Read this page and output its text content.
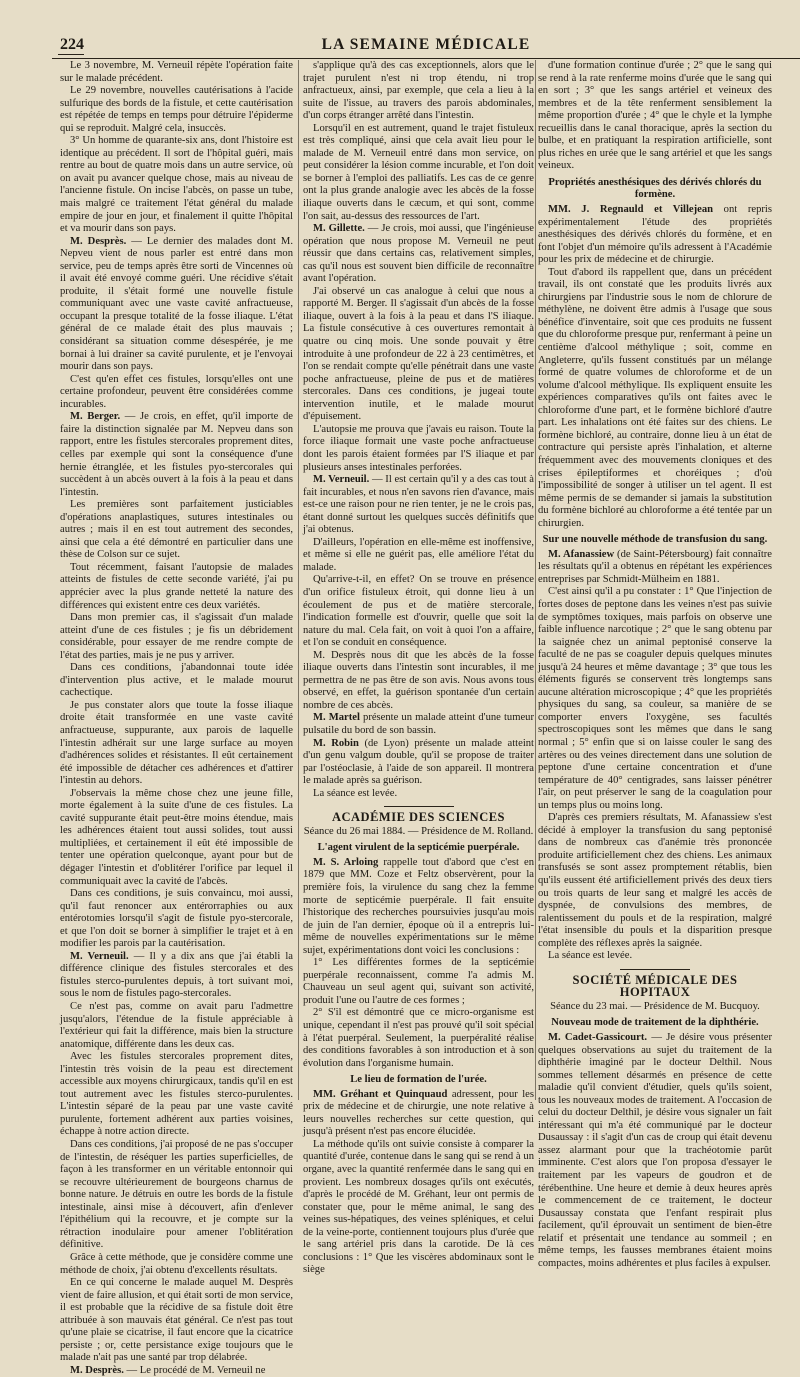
224	LA SEMAINE MÉDICALE

Le 3 novembre, M. Verneuil répète l'opération faite sur le malade précédent.

Le 29 novembre, nouvelles cautérisations à l'acide sulfurique des bords de la fistule, et cette cautérisation est répétée de temps en temps pour détruire l'épiderme qui se reproduit. Malgré cela, insuccès.

3° Un homme de quarante-six ans, dont l'histoire est identique au précédent. Il sort de l'hôpital guéri, mais rentre au bout de quatre mois dans un autre service, où on avait pu avancer quelque chose, mais au niveau de l'ancienne fistule. On incise l'abcès, on passe un tube, mais malgré ce traitement l'état général du malade empire de jour en jour, et finalement il quitte l'hôpital et va mourir dans son pays.

M. Desprès. — Le dernier des malades dont M. Nepveu vient de nous parler est entré dans mon service, peu de temps après être sorti de Vincennes où il avait été envoyé comme guéri. Une récidive s'était produite, il s'était formé une nouvelle fistule communiquant avec une vaste cavité anfractueuse, occupant la presque totalité de la fosse iliaque. L'état général de ce malade était des plus mauvais ; considérant sa situation comme désespérée, je me bornai à lui drainer sa cavité purulente, et je l'envoyai mourir dans son pays.

C'est qu'en effet ces fistules, lorsqu'elles ont une certaine profondeur, peuvent être considérées comme incurables.

M. Berger. — Je crois, en effet, qu'il importe de faire la distinction signalée par M. Nepveu dans son rapport, entre les fistules stercorales proprement dites, celles par exemple qui sont la conséquence d'une hernie étranglée, et les fistules pyo-stercorales qui succèdent à un abcès ouvert à la fois à la peau et dans l'intestin.

Les premières sont parfaitement justiciables d'opérations anaplastiques, sutures intestinales ou autres ; mais il en est tout autrement des secondes, ainsi que cela a été démontré en particulier dans une thèse de Colson sur ce sujet.

Tout récemment, faisant l'autopsie de malades atteints de fistules de cette seconde variété, j'ai pu apprécier avec la plus grande netteté la nature des différences qui existent entre ces deux variétés.

Dans mon premier cas, il s'agissait d'un malade atteint d'une de ces fistules ; je fis un débridement considérable, pour essayer de me rendre compte de l'état des parties, mais je ne pus y arriver.

Dans ces conditions, j'abandonnai toute idée d'intervention plus active, et le malade mourut cachectique.

Je pus constater alors que toute la fosse iliaque droite était transformée en une vaste cavité anfractueuse, suppurante, aux parois de laquelle l'intestin adhérait sur une large surface au moyen d'adhérences solides et résistantes. Il eût certainement été impossible de détacher ces adhérences et d'attirer l'intestin au dehors.

J'observais la même chose chez une jeune fille, morte également à la suite d'une de ces fistules. La cavité suppurante était peut-être moins étendue, mais les adhérences étaient tout aussi solides, tout aussi multipliées, et certainement il eût été impossible de tenter une opération quelconque, ayant pour but de dégager l'intestin et d'oblitérer l'orifice par lequel il communiquait avec la cavité de l'abcès.

Dans ces conditions, je suis convaincu, moi aussi, qu'il faut renoncer aux entérorraphies ou aux entérotomies lorsqu'il s'agit de fistule pyo-stercorale, et que l'on doit se borner à simplifier le trajet et à en modifier les parois par la cautérisation.

M. Verneuil. — Il y a dix ans que j'ai établi la différence clinique des fistules stercorales et des fistules sterco-purulentes depuis, à tort suivant moi, sous le nom de fistules pago-stercorales.

Ce n'est pas, comme on avait paru l'admettre jusqu'alors, l'étendue de la fistule appréciable à l'extérieur qui fait la différence, mais bien la structure anatomique, différente dans les deux cas.

Avec les fistules stercorales proprement dites, l'intestin très voisin de la peau est directement accessible aux moyens chirurgicaux, tandis qu'il en est tout autrement avec les fistules sterco-purulentes. L'intestin séparé de la peau par une vaste cavité purulente, fortement adhérent aux parties voisines, échappe à notre action directe.

Dans ces conditions, j'ai proposé de ne pas s'occuper de l'intestin, de réséquer les parties superficielles, de façon à les transformer en un véritable entonnoir qui se recouvre ultérieurement de bourgeons charnus de bonne nature. Je détruis en outre les bords de la fistule intestinale, ainsi mise à découvert, afin d'enlever l'épithélium qui la recouvre, et je compte sur la rétraction inodulaire pour amener l'oblitération définitive.

Grâce à cette méthode, que je considère comme une méthode de choix, j'ai obtenu d'excellents résultats.

En ce qui concerne le malade auquel M. Desprès vient de faire allusion, et qui était sorti de mon service, il est probable que la récidive de sa fistule doit être attribuée à son mauvais état général. Ce n'est pas tout qu'une plaie se cicatrise, il faut encore que la cicatrice persiste ; or, cette persistance exige toujours que le malade n'ait pas une santé par trop délabrée.

M. Desprès. — Le procédé de M. Verneuil ne

s'applique qu'à des cas exceptionnels, alors que le trajet purulent n'est ni trop étendu, ni trop anfractueux, ainsi, par exemple, que cela a lieu à la suite de l'issue, au travers des parois abdominales, d'un corps étranger arrêté dans l'intestin.

Lorsqu'il en est autrement, quand le trajet fistuleux est très compliqué, ainsi que cela avait lieu pour le malade de M. Verneuil entré dans mon service, on peut considérer la lésion comme incurable, et l'on doit se borner à l'emploi des palliatifs. Les cas de ce genre ont la plus grande analogie avec les abcès de la fosse iliaque ouverts dans le cæcum, et qui sont, comme l'on sait, au-dessus des ressources de l'art.

M. Gillette. — Je crois, moi aussi, que l'ingénieuse opération que nous propose M. Verneuil ne peut réussir que dans certains cas, relativement simples, cas qu'il nous est souvent bien difficile de reconnaître avant l'opération.

J'ai observé un cas analogue à celui que nous a rapporté M. Berger. Il s'agissait d'un abcès de la fosse iliaque, ouvert à la fois à la peau et dans l'S iliaque. La fistule consécutive à ces ouvertures remontait à quatre ou cinq mois. Une sonde pouvait y être introduite à une profondeur de 22 à 23 centimètres, et l'on se rendait compte qu'elle pénétrait dans une vaste poche anfractueuse, pleine de pus et de matières stercorales. Dans ces conditions, je jugeai toute intervention inutile, et le malade mourut d'épuisement.

L'autopsie me prouva que j'avais eu raison. Toute la force iliaque formait une vaste poche anfractueuse dont les parois étaient formées par l'S iliaque et par plusieurs anses intestinales perforées.

M. Verneuil. — Il est certain qu'il y a des cas tout à fait incurables, et nous n'en savons rien d'avance, mais est-ce une raison pour ne rien tenter, je ne le crois pas, étant donné surtout les quelques succès définitifs que j'ai obtenus.

D'ailleurs, l'opération en elle-même est inoffensive, et même si elle ne guérit pas, elle améliore l'état du malade.

Qu'arrive-t-il, en effet? On se trouve en présence d'un orifice fistuleux étroit, qui donne lieu à un écoulement de pus et de matière stercorale, l'indication formelle est d'ouvrir, quelle que soit la nature du mal. Cela fait, on voit à quoi l'on a affaire, et l'on se conduit en conséquence.

M. Desprès nous dit que les abcès de la fosse iliaque ouverts dans l'intestin sont incurables, il me permettra de ne pas être de son avis. Nous avons tous observé, en effet, la guérison spontanée d'un certain nombre de ces abcès.

M. Martel présente un malade atteint d'une tumeur pulsatile du bord de son bassin.

M. Robin (de Lyon) présente un malade atteint d'un genu valgum double, qu'il se propose de traiter par l'ostéoclasie, à l'aide de son appareil. Il montrera le malade après sa guérison.

La séance est levée.

ACADÉMIE DES SCIENCES

Séance du 26 mai 1884. — Présidence de M. Rolland.

L'agent virulent de la septicémie puerpérale.

M. S. Arloing rappelle tout d'abord que c'est en 1879 que MM. Coze et Feltz observèrent, pour la première fois, la virulence du sang chez la femme morte de septicémie puerpérale. Il fait ensuite l'historique des recherches poursuivies jusqu'au mois de juin de l'an dernier, époque où il a entrepris lui-même de nouvelles expérimentations sur le même sujet, expérimentations dont voici les conclusions :

1° Les différentes formes de la septicémie puerpérale reconnaissent, comme l'a admis M. Chauveau un seul agent qui, suivant son activité, produit l'une ou l'autre de ces formes ;

2° S'il est démontré que ce micro-organisme est unique, cependant il n'est pas prouvé qu'il soit spécial à l'état puerpéral. Seulement, la puerpéralité réalise des conditions favorables à son introduction et à son évolution dans l'organisme humain.

Le lieu de formation de l'urée.

MM. Gréhant et Quinquaud adressent, pour les prix de médecine et de chirurgie, une note relative à leurs nouvelles recherches sur cette question, qui jusqu'à présent n'est pas encore élucidée.

La méthode qu'ils ont suivie consiste à comparer la quantité d'urée, contenue dans le sang qui se rend à un organe, avec la quantité renfermée dans le sang qui en provient. Les nombreux dosages qu'ils ont exécutés, d'après le procédé de M. Gréhant, leur ont permis de constater que, pour le même animal, le sang des veines sus-hépatiques, des veines spléniques, et celui de la veine-porte, contiennent toujours plus d'urée que le sang artériel pris dans la carotide. De là ces conclusions : 1° Que les viscères abdominaux sont le siège

d'une formation continue d'urée ; 2° que le sang qui se rend à la rate renferme moins d'urée que le sang qui en sort ; 3° que les sangs artériel et veineux des membres et de la tête renferment sensiblement la même proportion d'urée ; 4° que le chyle et la lymphe recueillis dans le canal thoracique, après la section du bulbe, et en pratiquant la respiration artificielle, sont plus riches en urée que le sang artériel et que les sangs veineux.

Propriétés anesthésiques des dérivés chlorés du formène.

MM. J. Regnauld et Villejean ont repris expérimentalement l'étude des propriétés anesthésiques des dérivés chlorés du formène, et en font l'objet d'un mémoire qu'ils adressent à l'Académie pour les prix de médecine et de chirurgie.

Tout d'abord ils rappellent que, dans un précédent travail, ils ont constaté que les produits livrés aux chirurgiens par l'industrie sous le nom de chlorure de méthylène, ne doivent être admis à l'usage que sous bénéfice d'inventaire, soit que ces produits ne fussent que du chloroforme presque pur, renfermant à peine un centième d'alcool méthylique ; soit, comme en Angleterre, qu'ils fussent constitués par un mélange formé de quatre volumes de chloroforme et de un volume d'alcool méthylique. Ils expliquent ensuite les expériences comparatives qu'ils ont faites avec le chloroforme d'une part, et le formène bichloré d'autre part. Les inhalations ont été faites sur des chiens. Le formène bichloré, au contraire, donne lieu à un état de contracture qui persiste après l'inhalation, et alterne fréquemment avec des mouvements cloniques et des crises épileptiformes et choréiques ; d'où l'impossibilité de songer à utiliser un tel agent. Il est même permis de se demander si jamais la substitution du formène bichloré au chloroforme a été tentée par un chirurgien.

Sur une nouvelle méthode de transfusion du sang.

M. Afanassiew (de Saint-Pétersbourg) fait connaître les résultats qu'il a obtenus en répétant les expériences entreprises par Schmidt-Mülheim en 1881.

C'est ainsi qu'il a pu constater : 1° Que l'injection de fortes doses de peptone dans les veines n'est pas suivie de symptômes toxiques, mais parfois on observe une faible influence narcotique ; 2° que le sang obtenu par la saignée chez un animal peptonisé conserve la faculté de ne pas se coaguler depuis quelques minutes jusqu'à 24 heures et même davantage ; 3° que tous les éléments figurés se conservent très longtemps sans aucune altération microscopique ; 4° que les propriétés physiques du sang, sa couleur, sa manière de se comporter envers l'oxygène, ses facultés spectroscopiques sont les mêmes que dans le sang normal ; 5° enfin que si on laisse couler le sang des artères ou des veines directement dans une solution de peptone d'une certaine concentration et d'une température de 40° centigrades, sans laisser pénétrer l'air, on peut préserver le sang de la coagulation pour un temps plus ou moins long.

D'après ces premiers résultats, M. Afanassiew s'est décidé à employer la transfusion du sang peptonisé dans de nombreux cas d'anémie très prononcée produite artificiellement chez des chiens. Les animaux transfusés se sont assez promptement rétablis, bien qu'ils eussent été artificiellement privés des deux tiers ou trois quarts de leur sang et malgré les accès de dyspnée, de convulsions des membres, de ralentissement du pouls et de la respiration, malgré l'état insensible du pouls et la disparition presque complète des réflexes après la saignée.

La séance est levée.

SOCIÉTÉ MÉDICALE DES HOPITAUX

Séance du 23 mai. — Présidence de M. Bucquoy.

Nouveau mode de traitement de la diphthérie.

M. Cadet-Gassicourt. — Je désire vous présenter quelques observations au sujet du traitement de la diphthérie imaginé par le docteur Delthil. Nous sommes tellement désarmés en présence de cette maladie qu'il convient d'étudier, quels qu'ils soient, tous les nouveaux modes de traitement. A l'occasion de celui du docteur Delthil, je désire vous signaler un fait intéressant qui m'a été communiqué par le docteur Dusaussay : il s'agit d'un cas de croup qui était devenu assez alarmant pour que la trachéotomie parût imminente. C'est alors que l'on proposa d'essayer le traitement par les vapeurs de goudron et de térébenthine. Une heure et demie à deux heures après le commencement de ce traitement, le docteur Dusaussay constata que l'enfant respirait plus facilement, qu'il éprouvait un sentiment de bien-être relatif et présentait une tendance au sommeil ; en même temps, les fausses membranes étaient moins compactes, moins adhérentes et plus faciles à expulser.
